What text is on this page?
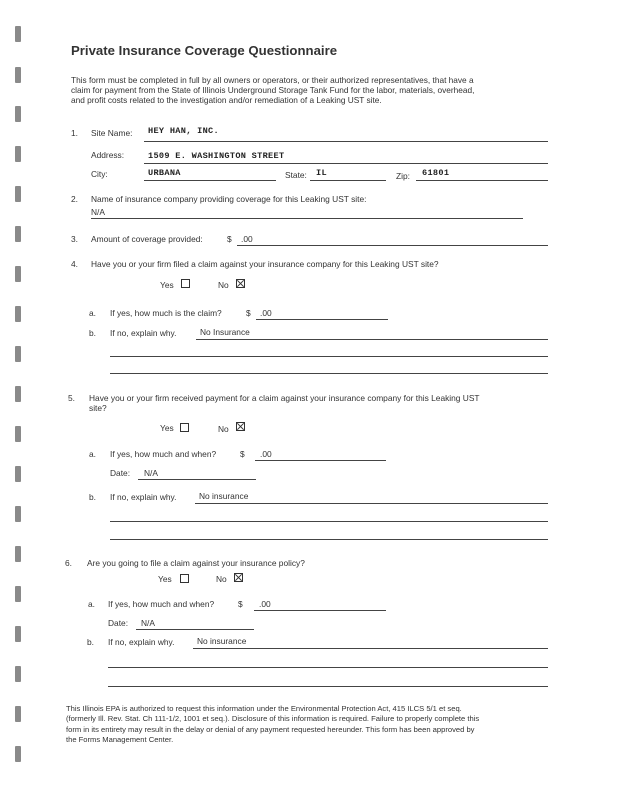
Private Insurance Coverage Questionnaire
This form must be completed in full by all owners or operators, or their authorized representatives, that have a
claim for payment from the State of Illinois Underground Storage Tank Fund for the labor, materials, overhead,
and profit costs related to the investigation and/or remediation of a Leaking UST site.
1. Site Name: HEY HAN, INC.
Address:	1509 E. WASHINGTON STREET
City:	URBANA	State: IL	Zip: 61801
2. Name of insurance company providing coverage for this Leaking UST site:
N/A
3. Amount of coverage provided:	$ .00
4. Have you or your firm filed a claim against your insurance company for this Leaking UST site?
Yes	No
a. If yes, how much is the claim?	$ .00
b. If no, explain why.	No Insurance
5. Have you or your firm received payment for a claim against your insurance company for this Leaking UST
site?
Yes	No
a. If yes, how much and when?	$ .00
Date: N/A
b. If no, explain why.	No insurance
6. Are you going to file a claim against your insurance policy?
Yes	No
a. If yes, how much and when?	$ .00
Date: N/A
b. If no, explain why.	No insurance
This Illinois EPA is authorized to request this information under the Environmental Protection Act, 415 ILCS 5/1 et seq.
(formerly Ill. Rev. Stat. Ch 111-1/2, 1001 et seq.). Disclosure of this information is required. Failure to properly complete this
form in its entirety may result in the delay or denial of any payment requested hereunder. This form has been approved by
the Forms Management Center.
